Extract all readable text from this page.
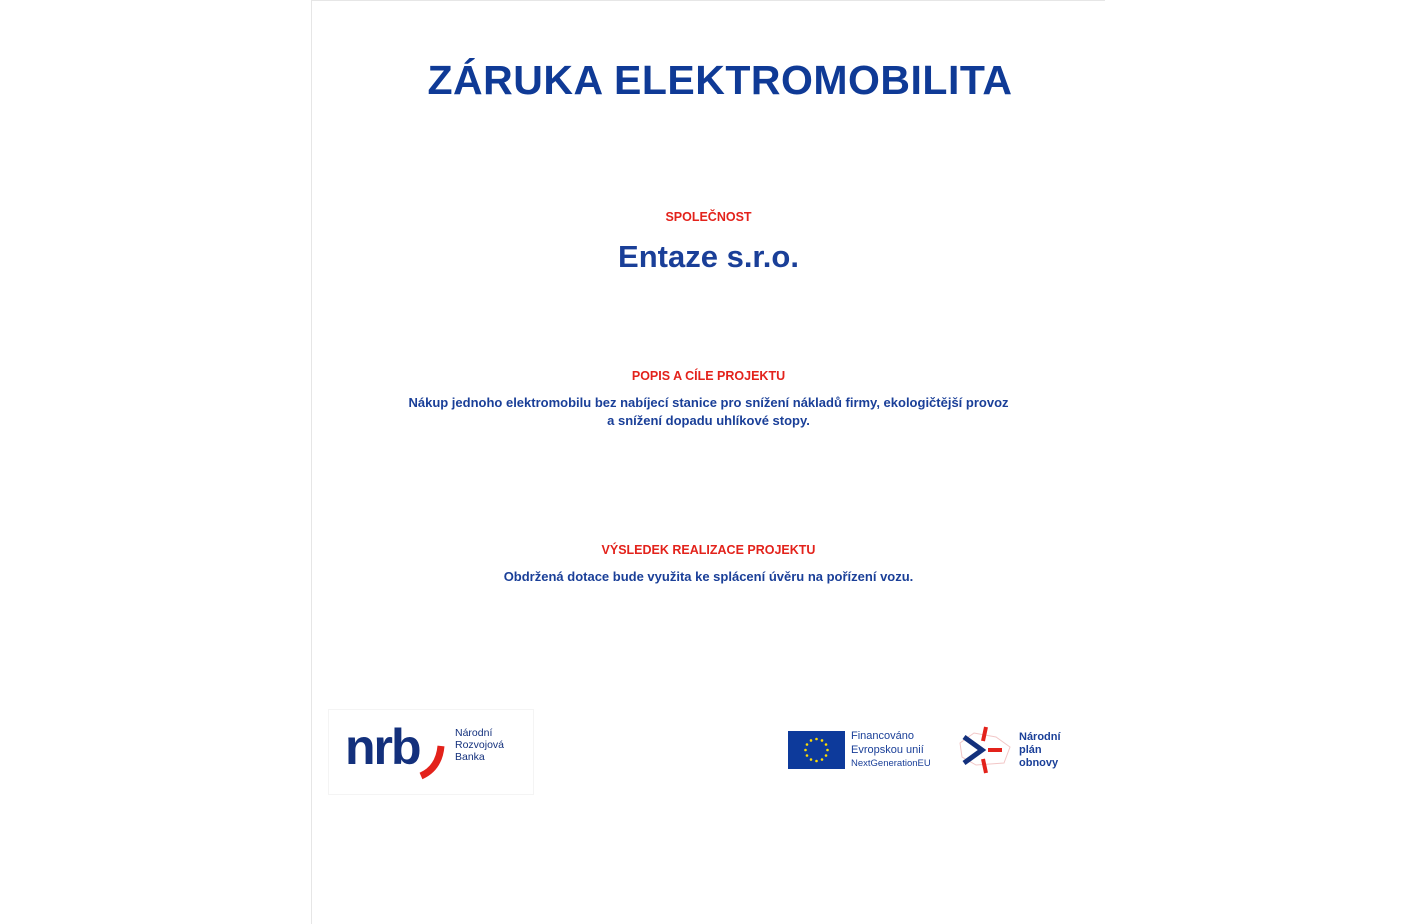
ZÁRUKA ELEKTROMOBILITA
SPOLEČNOST
Entaze s.r.o.
POPIS A CÍLE PROJEKTU
Nákup jednoho elektromobilu bez nabíjecí stanice pro snížení nákladů firmy, ekologičtější provoz
a snížení dopadu uhlíkové stopy.
VÝSLEDEK REALIZACE PROJEKTU
Obdržená dotace bude využita ke splácení úvěru na pořízení vozu.
nrb	Národní
Rozvojová
Banka
Financováno
Evropskou unií
NextGenerationEU
Národní
plán
obnovy
